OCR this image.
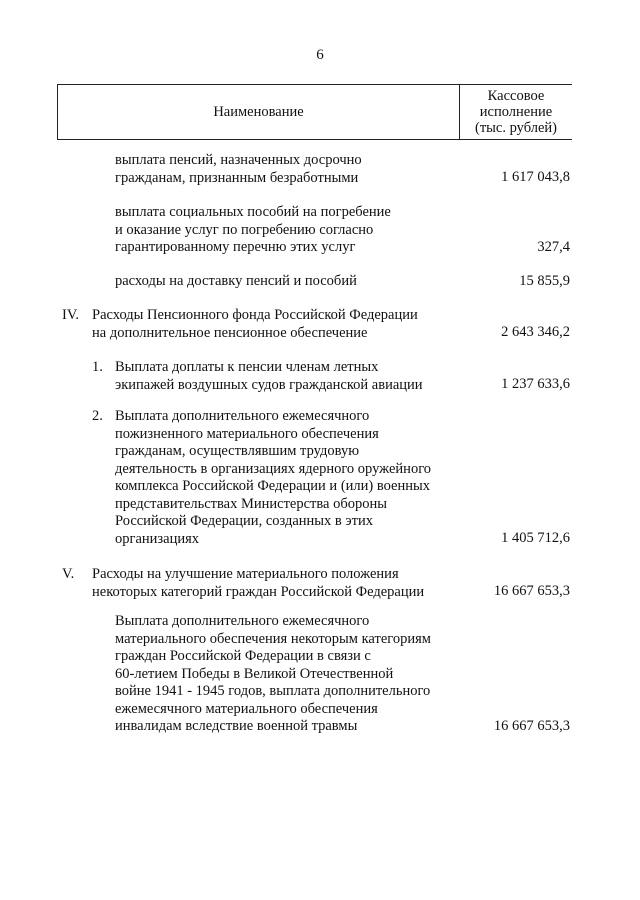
6
Наименование
Кассовое
исполнение
(тыс. рублей)
выплата пенсий, назначенных досрочно
гражданам, признанным безработными	1 617 043,8
выплата социальных пособий на погребение
и оказание услуг по погребению согласно
гарантированному перечню этих услуг	327,4
расходы на доставку пенсий и пособий	15 855,9
IV. Расходы Пенсионного фонда Российской Федерации
на дополнительное пенсионное обеспечение	2 643 346,2
1. Выплата доплаты к пенсии членам летных
экипажей воздушных судов гражданской авиации	1 237 633,6
2. Выплата дополнительного ежемесячного
пожизненного материального обеспечения
гражданам, осуществлявшим трудовую
деятельность в организациях ядерного оружейного
комплекса Российской Федерации и (или) военных
представительствах Министерства обороны
Российской Федерации, созданных в этих
организациях	1 405 712,6
V. Расходы на улучшение материального положения
некоторых категорий граждан Российской Федерации	16 667 653,3
Выплата дополнительного ежемесячного
материального обеспечения некоторым категориям
граждан Российской Федерации в связи с
60-летием Победы в Великой Отечественной
войне 1941 - 1945 годов, выплата дополнительного
ежемесячного материального обеспечения
инвалидам вследствие военной травмы	16 667 653,3
